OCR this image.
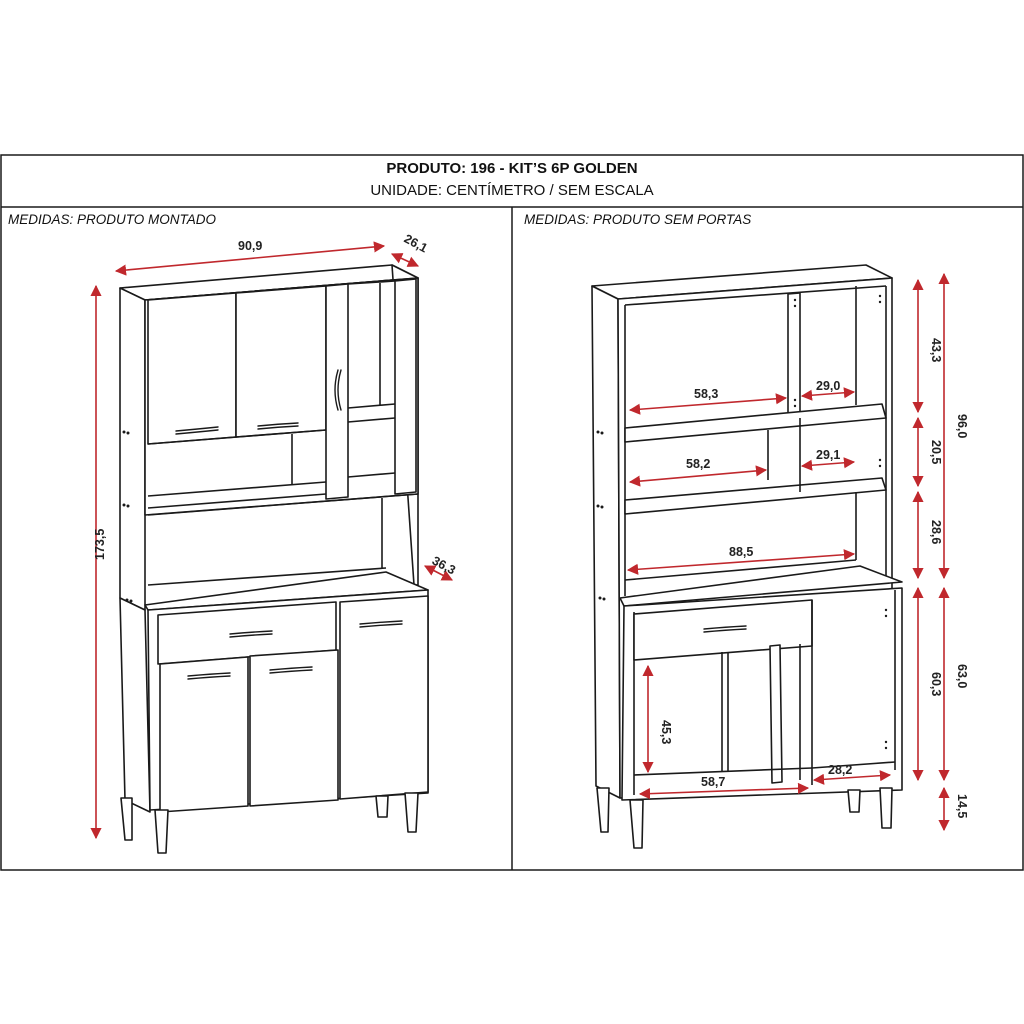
90,9	26,1
173,5
36,3
58,3
29,0
58,2
29,1
88,5
58,7
28,2
45,3
43,3
20,5
28,6
60,3
96,0
63,0
14,5
PRODUTO: 196 - KIT’S 6P GOLDEN
UNIDADE: CENTÍMETRO / SEM ESCALA
MEDIDAS: PRODUTO MONTADO	MEDIDAS: PRODUTO SEM PORTAS
